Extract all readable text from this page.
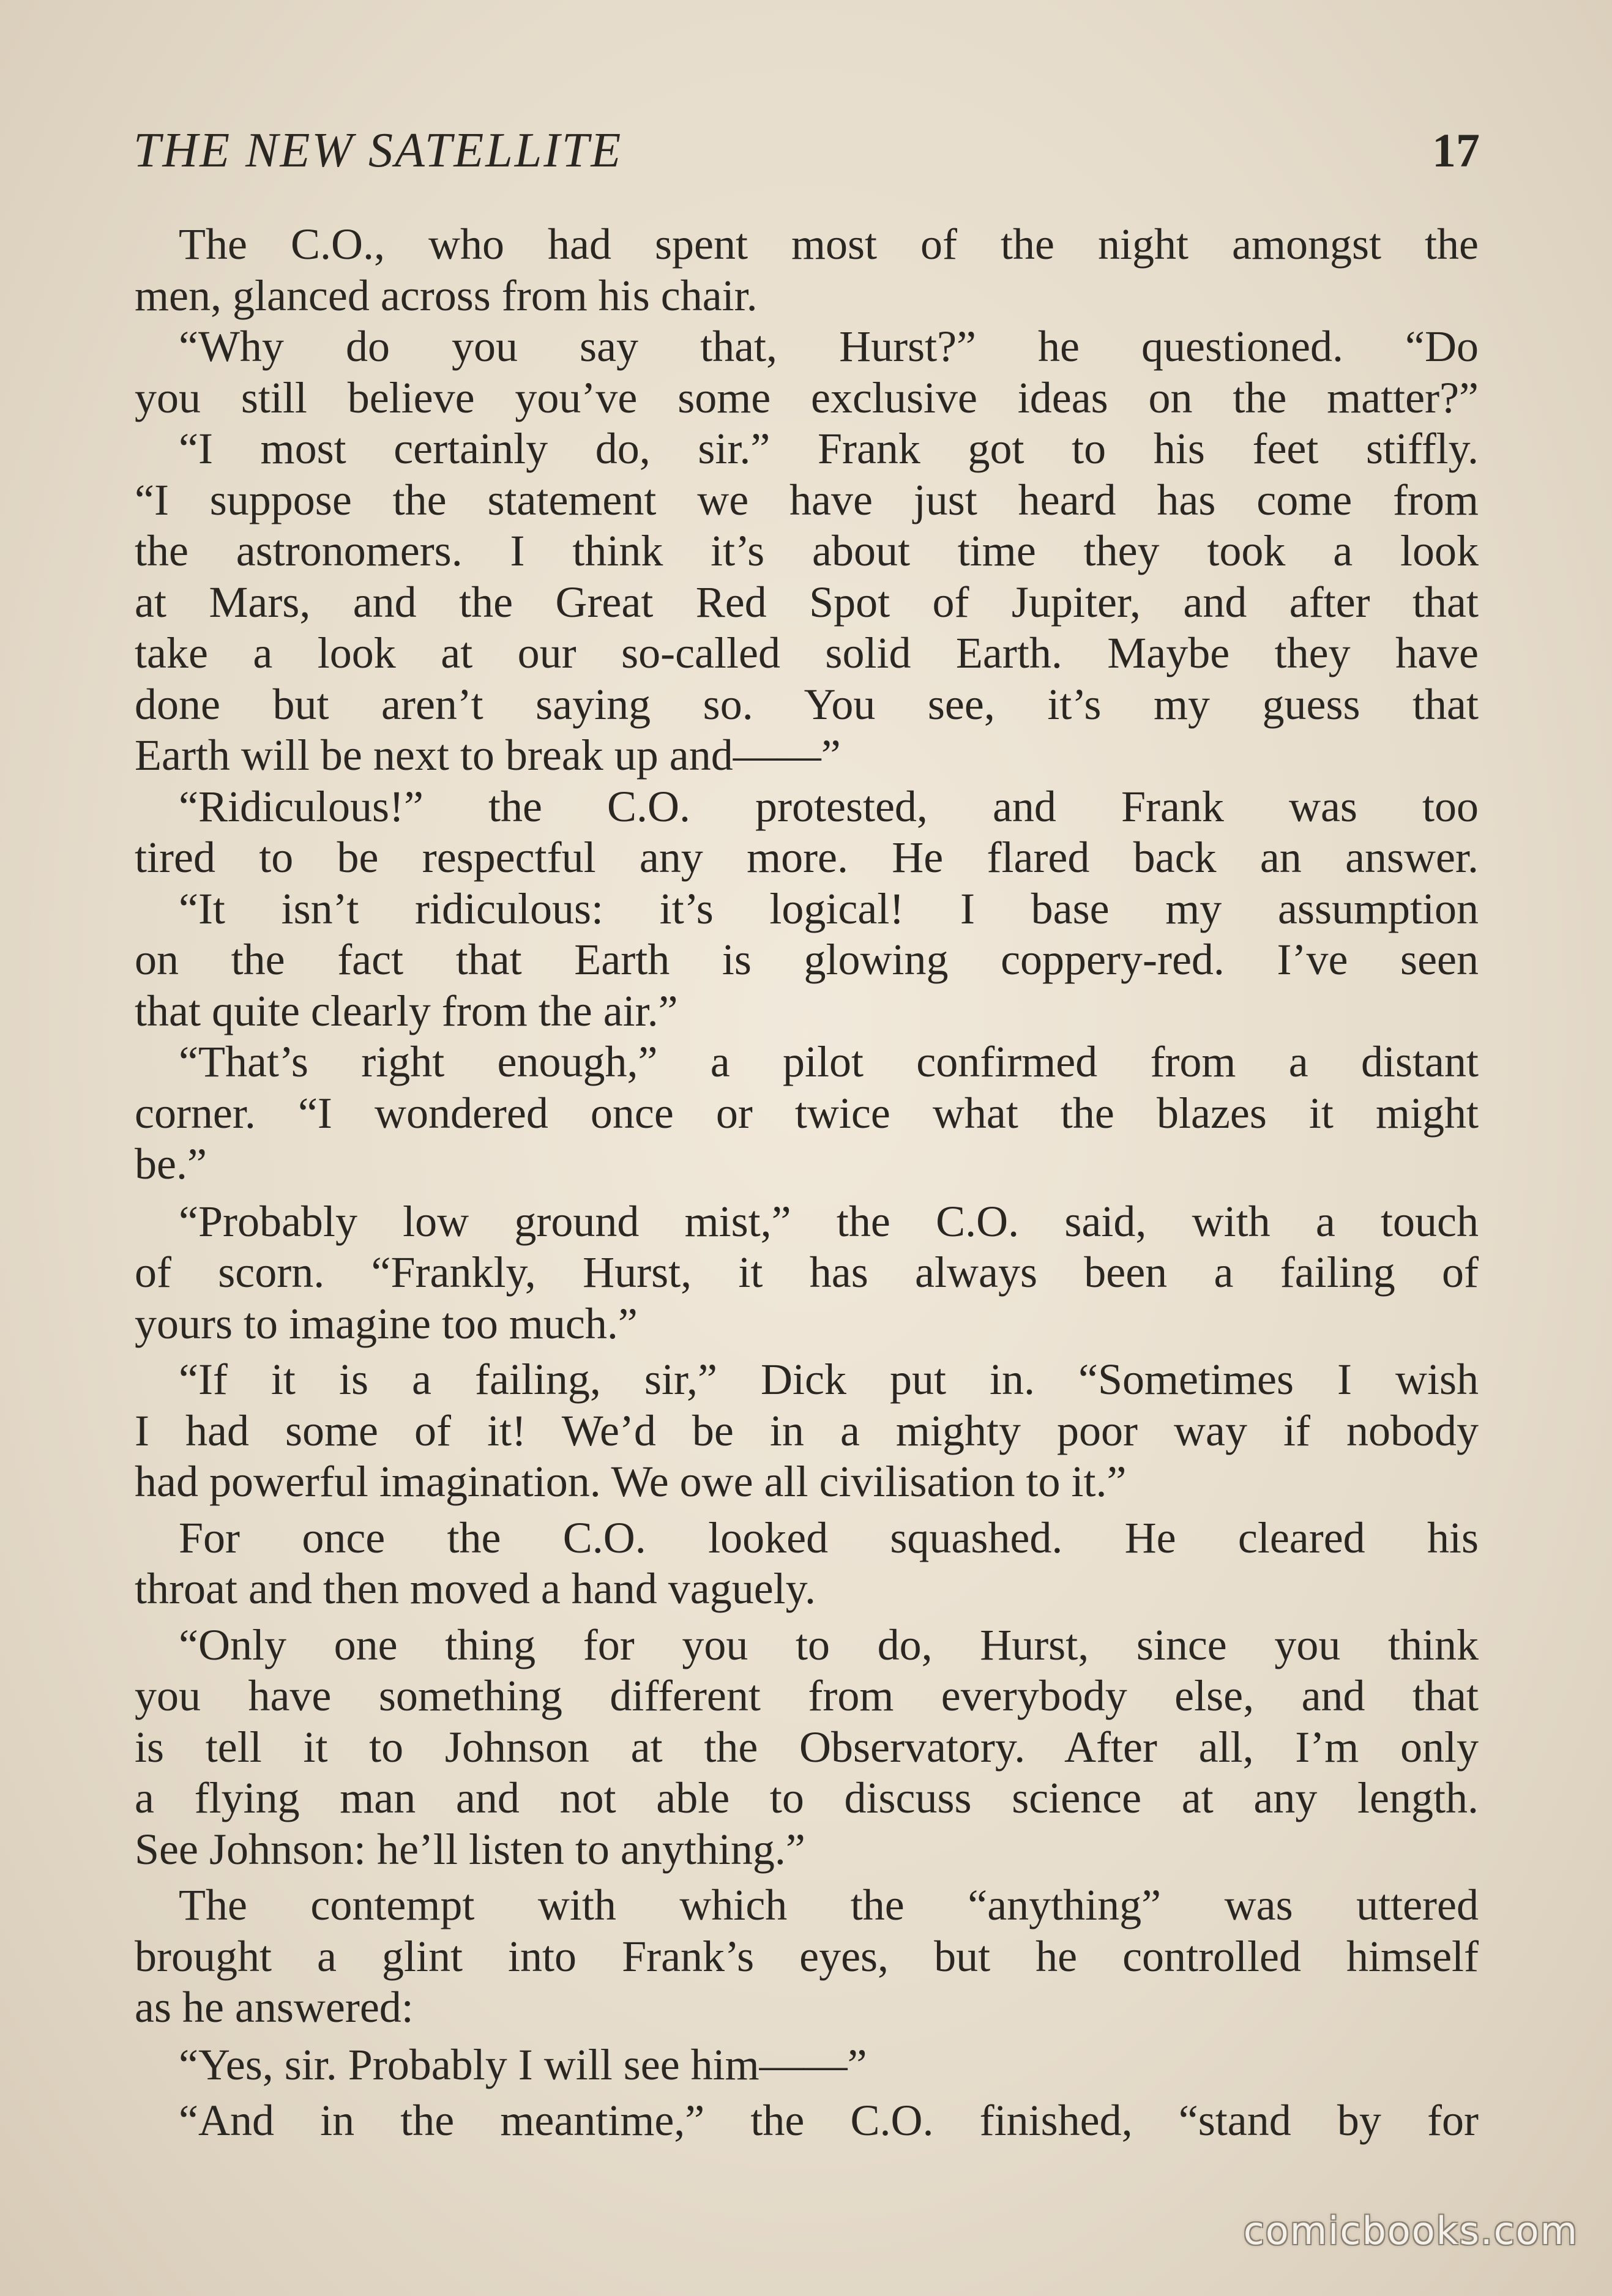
THE NEW SATELLITE	17
The C.O., who had spent most of the night amongst the
men, glanced across from his chair.
“Why do you say that, Hurst?” he questioned. “Do
you still believe you’ve some exclusive ideas on the matter?”
“I most certainly do, sir.” Frank got to his feet stiffly.
“I suppose the statement we have just heard has come from
the astronomers. I think it’s about time they took a look
at Mars, and the Great Red Spot of Jupiter, and after that
take a look at our so-called solid Earth. Maybe they have
done but aren’t saying so. You see, it’s my guess that
Earth will be next to break up and——”
“Ridiculous!” the C.O. protested, and Frank was too
tired to be respectful any more. He flared back an answer.
“It isn’t ridiculous: it’s logical! I base my assumption
on the fact that Earth is glowing coppery-red. I’ve seen
that quite clearly from the air.”
“That’s right enough,” a pilot confirmed from a distant
corner. “I wondered once or twice what the blazes it might
be.”
“Probably low ground mist,” the C.O. said, with a touch
of scorn. “Frankly, Hurst, it has always been a failing of
yours to imagine too much.”
“If it is a failing, sir,” Dick put in. “Sometimes I wish
I had some of it! We’d be in a mighty poor way if nobody
had powerful imagination. We owe all civilisation to it.”
For once the C.O. looked squashed. He cleared his
throat and then moved a hand vaguely.
“Only one thing for you to do, Hurst, since you think
you have something different from everybody else, and that
is tell it to Johnson at the Observatory. After all, I’m only
a flying man and not able to discuss science at any length.
See Johnson: he’ll listen to anything.”
The contempt with which the “anything” was uttered
brought a glint into Frank’s eyes, but he controlled himself
as he answered:
“Yes, sir. Probably I will see him——”
“And in the meantime,” the C.O. finished, “stand by for
comicbooks.com
